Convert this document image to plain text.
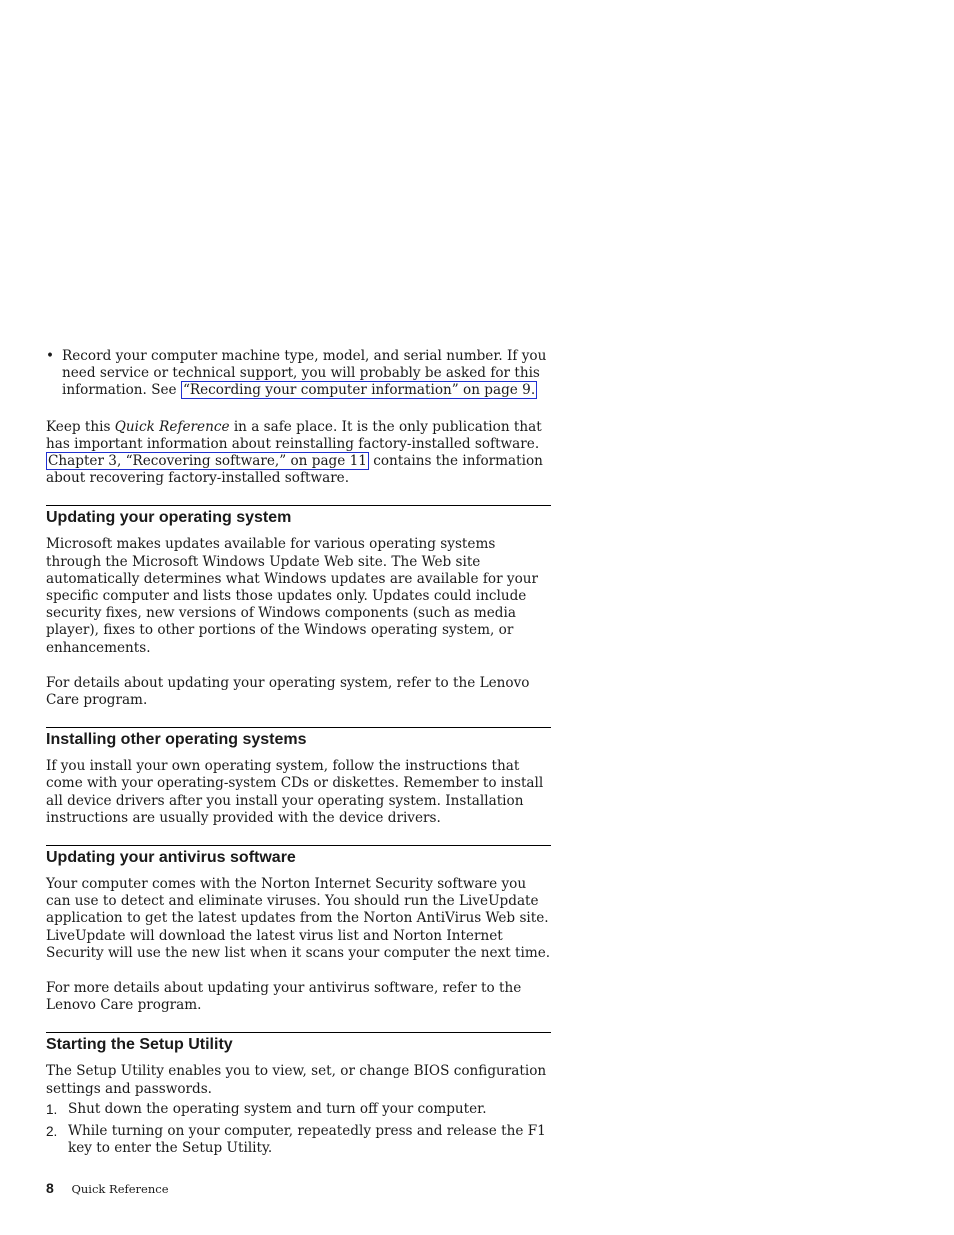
• Record your computer machine type, model, and serial number. If you need service or technical support, you will probably be asked for this information. See “Recording your computer information” on page 9.

Keep this Quick Reference in a safe place. It is the only publication that has important information about reinstalling factory-installed software. Chapter 3, “Recovering software,” on page 11 contains the information about recovering factory-installed software.

Updating your operating system

Microsoft makes updates available for various operating systems through the Microsoft Windows Update Web site. The Web site automatically determines what Windows updates are available for your specific computer and lists those updates only. Updates could include security fixes, new versions of Windows components (such as media player), fixes to other portions of the Windows operating system, or enhancements.

For details about updating your operating system, refer to the Lenovo Care program.

Installing other operating systems

If you install your own operating system, follow the instructions that come with your operating-system CDs or diskettes. Remember to install all device drivers after you install your operating system. Installation instructions are usually provided with the device drivers.

Updating your antivirus software

Your computer comes with the Norton Internet Security software you can use to detect and eliminate viruses. You should run the LiveUpdate application to get the latest updates from the Norton AntiVirus Web site. LiveUpdate will download the latest virus list and Norton Internet Security will use the new list when it scans your computer the next time.

For more details about updating your antivirus software, refer to the Lenovo Care program.

Starting the Setup Utility

The Setup Utility enables you to view, set, or change BIOS configuration settings and passwords.

1. Shut down the operating system and turn off your computer.
2. While turning on your computer, repeatedly press and release the F1 key to enter the Setup Utility.
8 Quick Reference
